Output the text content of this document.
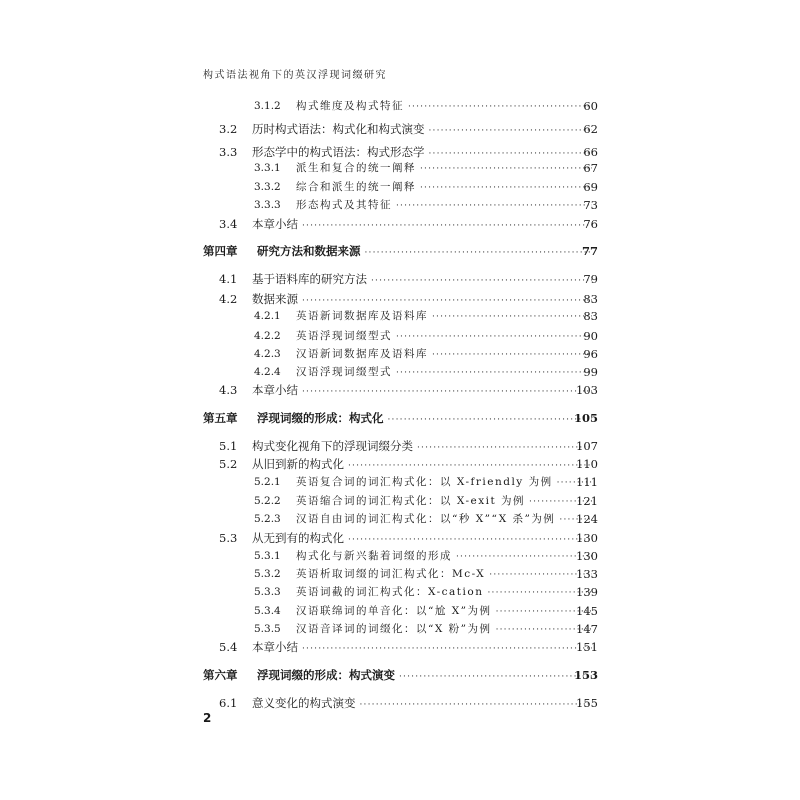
构式语法视角下的英汉浮现词缀研究
3.1.2 构式维度及构式特征 ·····	60
3.2 历时构式语法：构式化和构式演变 ·····	62
3.3 形态学中的构式语法：构式形态学 ·····	66
3.3.1 派生和复合的统一阐释 ·····	67
3.3.2 综合和派生的统一阐释 ·····	69
3.3.3 形态构式及其特征 ·····	73
3.4 本章小结 ·····	76
第四章 研究方法和数据来源 ·····	77
4.1 基于语料库的研究方法 ·····	79
4.2 数据来源 ·····	83
4.2.1 英语新词数据库及语料库 ·····	83
4.2.2 英语浮现词缀型式 ·····	90
4.2.3 汉语新词数据库及语料库 ·····	96
4.2.4 汉语浮现词缀型式 ·····	99
4.3 本章小结 ·····	103
第五章 浮现词缀的形成：构式化 ·····	105
5.1 构式变化视角下的浮现词缀分类 ·····	107
5.2 从旧到新的构式化 ·····	110
5.2.1 英语复合词的词汇构式化：以 X-friendly 为例 ·····	111
5.2.2 英语缩合词的词汇构式化：以 X-exit 为例 ·····	121
5.2.3 汉语自由词的词汇构式化：以“秒 X”“X 杀”为例 ·····	124
5.3 从无到有的构式化 ·····	130
5.3.1 构式化与新兴黏着词缀的形成 ·····	130
5.3.2 英语析取词缀的词汇构式化：Mc-X ·····	133
5.3.3 英语词截的词汇构式化：X-cation ·····	139
5.3.4 汉语联绵词的单音化：以“尬 X”为例 ·····	145
5.3.5 汉语音译词的词缀化：以“X 粉”为例 ·····	147
5.4 本章小结 ·····	151
第六章 浮现词缀的形成：构式演变 ·····	153
6.1 意义变化的构式演变 ·····	155
2
